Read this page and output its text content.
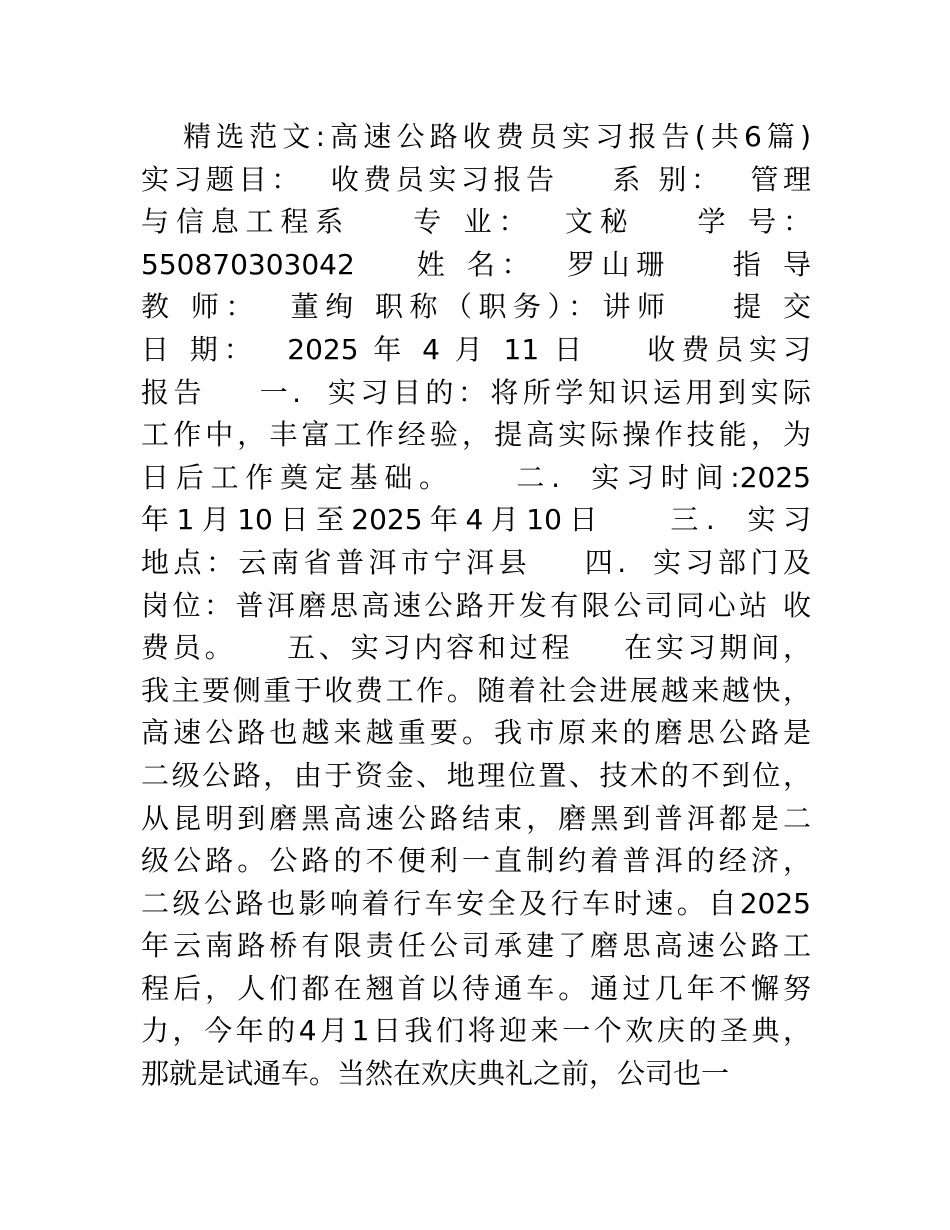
精选范文:高速公路收费员实习报告(共6篇)
实习题目：  收费员实习报告    系 别：  管理
与信息工程系    专 业：  文秘    学 号：
550870303042    姓 名：  罗山珊    指 导
教 师：  董绚 职称（职务）：讲师    提 交
日 期：  2025 年 4 月 11 日    收费员实习
报告    一.  实习目的：将所学知识运用到实际
工作中，丰富工作经验，提高实际操作技能，为
日后工作奠定基础。    二.  实习时间:2025
年1月10日至2025年4月10日    三.  实习
地点：云南省普洱市宁洱县    四.  实习部门及
岗位：普洱磨思高速公路开发有限公司同心站 收
费员。    五、实习内容和过程    在实习期间，
我主要侧重于收费工作。随着社会进展越来越快，
高速公路也越来越重要。我市原来的磨思公路是
二级公路，由于资金、地理位置、技术的不到位，
从昆明到磨黑高速公路结束，磨黑到普洱都是二
级公路。公路的不便利一直制约着普洱的经济，
二级公路也影响着行车安全及行车时速。自2025
年云南路桥有限责任公司承建了磨思高速公路工
程后，人们都在翘首以待通车。通过几年不懈努
力，今年的4月1日我们将迎来一个欢庆的圣典，
那就是试通车。当然在欢庆典礼之前，公司也一
